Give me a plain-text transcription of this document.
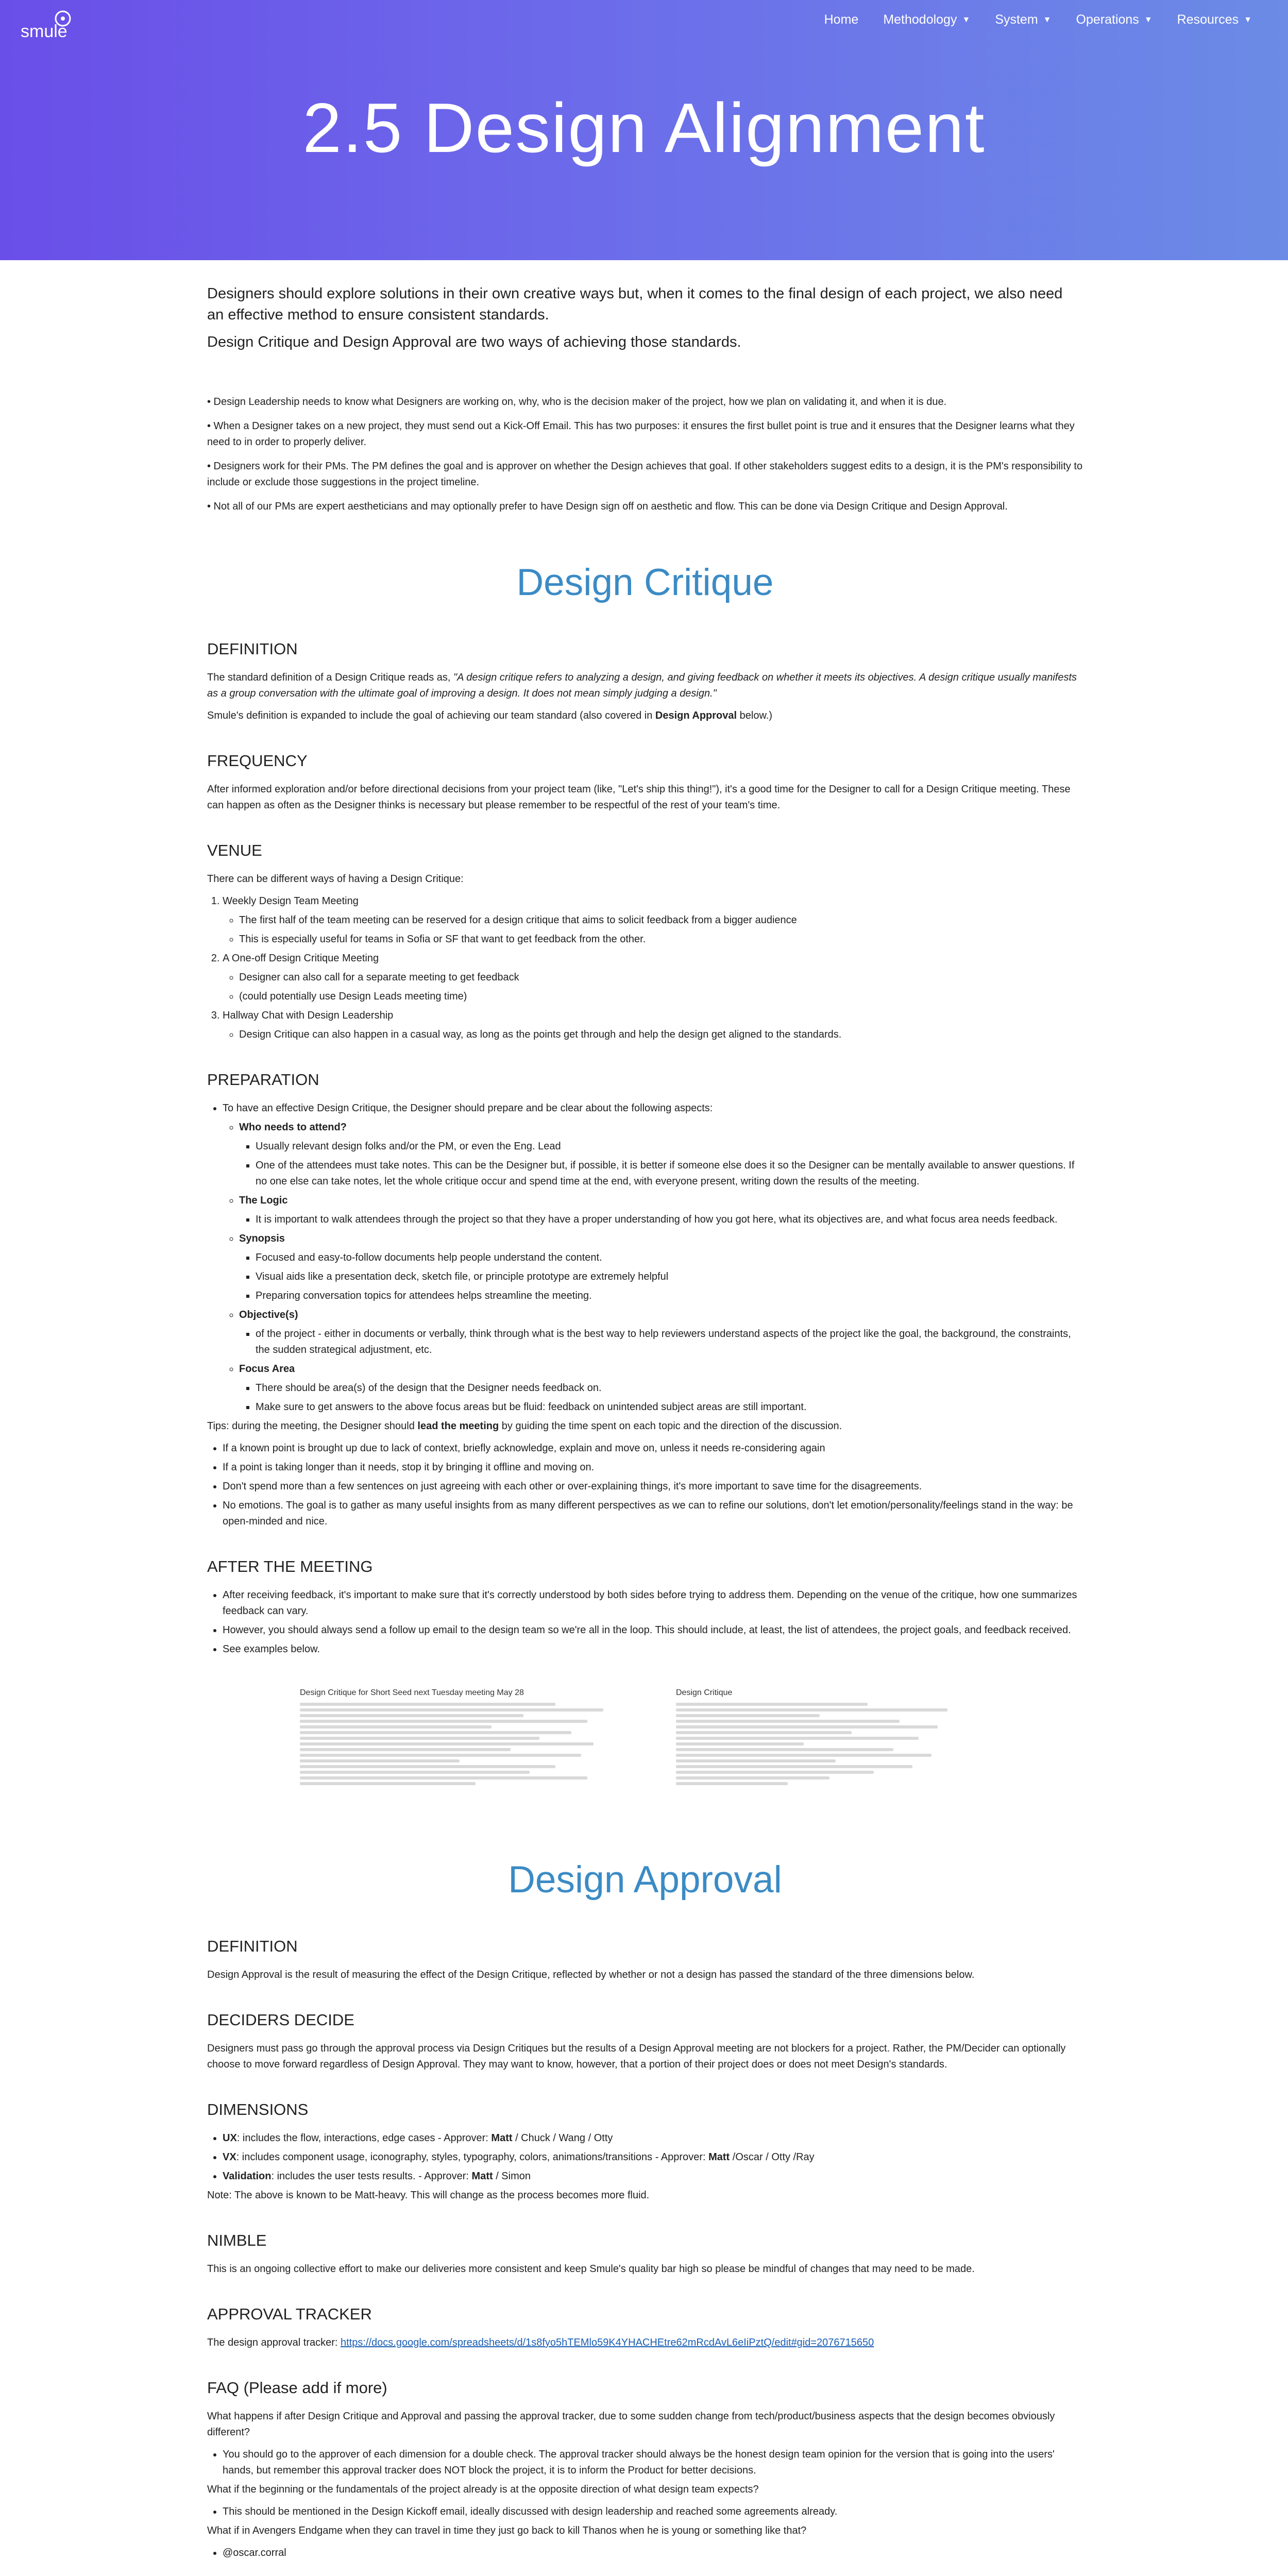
smule
Home Methodology ▼ System ▼ Operations ▼ Resources ▼
2.5 Design Alignment

Designers should explore solutions in their own creative ways but, when it comes to the final design of each project, we also need an effective method to ensure consistent standards.

Design Critique and Design Approval are two ways of achieving those standards.

• Design Leadership needs to know what Designers are working on, why, who is the decision maker of the project, how we plan on validating it, and when it is due.

• When a Designer takes on a new project, they must send out a Kick-Off Email. This has two purposes: it ensures the first bullet point is true and it ensures that the Designer learns what they need to in order to properly deliver.

• Designers work for their PMs. The PM defines the goal and is approver on whether the Design achieves that goal. If other stakeholders suggest edits to a design, it is the PM's responsibility to include or exclude those suggestions in the project timeline.

• Not all of our PMs are expert aestheticians and may optionally prefer to have Design sign off on aesthetic and flow. This can be done via Design Critique and Design Approval.

Design Critique
DEFINITION

The standard definition of a Design Critique reads as, "A design critique refers to analyzing a design, and giving feedback on whether it meets its objectives. A design critique usually manifests as a group conversation with the ultimate goal of improving a design. It does not mean simply judging a design."

Smule's definition is expanded to include the goal of achieving our team standard (also covered in Design Approval below.)

FREQUENCY

After informed exploration and/or before directional decisions from your project team (like, "Let's ship this thing!"), it's a good time for the Designer to call for a Design Critique meeting. These can happen as often as the Designer thinks is necessary but please remember to be respectful of the rest of your team's time.

VENUE

There can be different ways of having a Design Critique:

1. Weekly Design Team Meeting
◦ The first half of the team meeting can be reserved for a design critique that aims to solicit feedback from a bigger audience
◦ This is especially useful for teams in Sofia or SF that want to get feedback from the other.
2. A One-off Design Critique Meeting
◦ Designer can also call for a separate meeting to get feedback
◦ (could potentially use Design Leads meeting time)
3. Hallway Chat with Design Leadership
◦ Design Critique can also happen in a casual way, as long as the points get through and help the design get aligned to the standards.
PREPARATION
• To have an effective Design Critique, the Designer should prepare and be clear about the following aspects:
◦ Who needs to attend?
▪ Usually relevant design folks and/or the PM, or even the Eng. Lead
▪ One of the attendees must take notes. This can be the Designer but, if possible, it is better if someone else does it so the Designer can be mentally available to answer questions. If no one else can take notes, let the whole critique occur and spend time at the end, with everyone present, writing down the results of the meeting.
◦ The Logic
▪ It is important to walk attendees through the project so that they have a proper understanding of how you got here, what its objectives are, and what focus area needs feedback.
◦ Synopsis
▪ Focused and easy-to-follow documents help people understand the content.
▪ Visual aids like a presentation deck, sketch file, or principle prototype are extremely helpful
▪ Preparing conversation topics for attendees helps streamline the meeting.
◦ Objective(s)
▪ of the project - either in documents or verbally, think through what is the best way to help reviewers understand aspects of the project like the goal, the background, the constraints, the sudden strategical adjustment, etc.
◦ Focus Area
▪ There should be area(s) of the design that the Designer needs feedback on.
▪ Make sure to get answers to the above focus areas but be fluid: feedback on unintended subject areas are still important.

Tips: during the meeting, the Designer should lead the meeting by guiding the time spent on each topic and the direction of the discussion.

• If a known point is brought up due to lack of context, briefly acknowledge, explain and move on, unless it needs re-considering again
• If a point is taking longer than it needs, stop it by bringing it offline and moving on.
• Don't spend more than a few sentences on just agreeing with each other or over-explaining things, it's more important to save time for the disagreements.
• No emotions. The goal is to gather as many useful insights from as many different perspectives as we can to refine our solutions, don't let emotion/personality/feelings stand in the way: be open-minded and nice.
AFTER THE MEETING
• After receiving feedback, it's important to make sure that it's correctly understood by both sides before trying to address them. Depending on the venue of the critique, how one summarizes feedback can vary.
• However, you should always send a follow up email to the design team so we're all in the loop. This should include, at least, the list of attendees, the project goals, and feedback received.
• See examples below.
Design Critique for Short Seed next Tuesday meeting May 28	Design Critique
Design Approval
DEFINITION

Design Approval is the result of measuring the effect of the Design Critique, reflected by whether or not a design has passed the standard of the three dimensions below.

DECIDERS DECIDE

Designers must pass go through the approval process via Design Critiques but the results of a Design Approval meeting are not blockers for a project. Rather, the PM/Decider can optionally choose to move forward regardless of Design Approval. They may want to know, however, that a portion of their project does or does not meet Design's standards.

DIMENSIONS
• UX: includes the flow, interactions, edge cases - Approver: Matt / Chuck / Wang / Otty
• VX: includes component usage, iconography, styles, typography, colors, animations/transitions - Approver: Matt /Oscar / Otty /Ray
• Validation: includes the user tests results. - Approver: Matt / Simon

Note: The above is known to be Matt-heavy. This will change as the process becomes more fluid.

NIMBLE

This is an ongoing collective effort to make our deliveries more consistent and keep Smule's quality bar high so please be mindful of changes that may need to be made.

APPROVAL TRACKER

The design approval tracker: https://docs.google.com/spreadsheets/d/1s8fyo5hTEMlo59K4YHACHEtre62mRcdAvL6eIiPztQ/edit#gid=2076715650

FAQ (Please add if more)

What happens if after Design Critique and Approval and passing the approval tracker, due to some sudden change from tech/product/business aspects that the design becomes obviously different?

• You should go to the approver of each dimension for a double check. The approval tracker should always be the honest design team opinion for the version that is going into the users' hands, but remember this approval tracker does NOT block the project, it is to inform the Product for better decisions.

What if the beginning or the fundamentals of the project already is at the opposite direction of what design team expects?

• This should be mentioned in the Design Kickoff email, ideally discussed with design leadership and reached some agreements already.

What if in Avengers Endgame when they can travel in time they just go back to kill Thanos when he is young or something like that?

• @oscar.corral
